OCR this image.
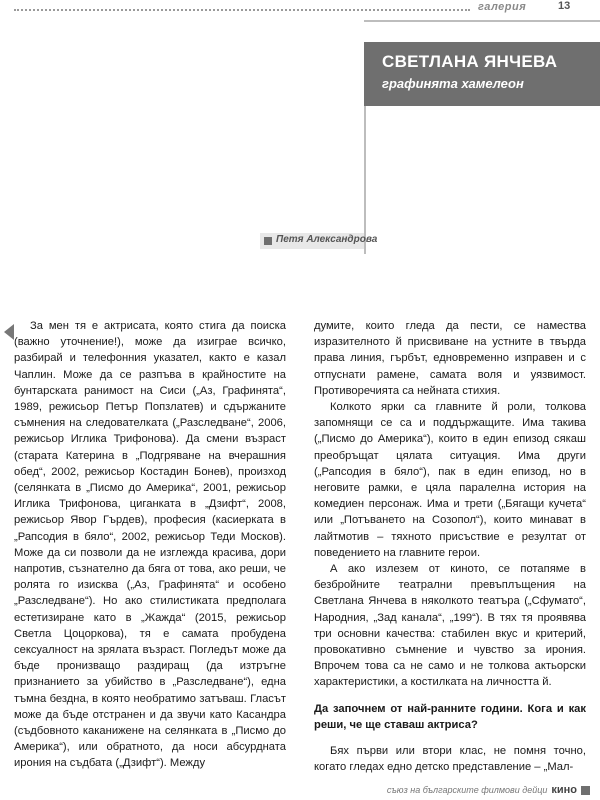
галерия	13
СВЕТЛАНА ЯНЧЕВА
графинята хамелеон
Петя Александрова

За мен тя е актрисата, която стига да поиска (важно уточнение!), може да изиграе всичко, разбирай и телефонния указател, както е казал Чаплин. Може да се разпъва в крайностите на бунтарската ранимост на Сиси („Аз, Графинята“, 1989, режисьор Петър Попзлатев) и сдържаните съмнения на следователката („Разследване“, 2006, режисьор Иглика Трифонова). Да смени възраст (старата Катерина в „Подгряване на вчерашния обед“, 2002, режисьор Костадин Бонев), произход (селянката в „Писмо до Америка“, 2001, режисьор Иглика Трифонова, циганката в „Дзифт“, 2008, режисьор Явор Гърдев), професия (касиерката в „Рапсодия в бяло“, 2002, режисьор Теди Москов). Може да си позволи да не изглежда красива, дори напротив, съзнателно да бяга от това, ако реши, че ролята го изисква („Аз, Графинята“ и особено „Разследване“). Но ако стилистиката предполага естетизиране като в „Жажда“ (2015, режисьор Светла Цоцоркова), тя е самата пробудена сексуалност на зрялата възраст. Погледът може да бъде пронизващо раздиращ (да изтръгне признанието за убийство в „Разследване“), една тъмна бездна, в която необратимо затъваш. Гласът може да бъде отстранен и да звучи като Касандра (съдбовното каканижене на селянката в „Писмо до Америка“), или обратното, да носи абсурдната ирония на съдбата („Дзифт“). Между

думите, които гледа да пести, се намества изразителното й присвиване на устните в твърда права линия, гърбът, едновременно изправен и с отпуснати рамене, самата воля и уязвимост. Противоречията са нейната стихия.

Колкото ярки са главните й роли, толкова запомнящи се са и поддържащите. Има такива („Писмо до Америка“), които в един епизод сякаш преобръщат цялата ситуация. Има други („Рапсодия в бяло“), пак в един епизод, но в неговите рамки, е цяла паралелна история на комедиен персонаж. Има и трети („Бягащи кучета“ или „Потъването на Созопол“), които минават в лайтмотив – тяхното присъствие е резултат от поведението на главните герои.

А ако излезем от киното, се потапяме в безбройните театрални превъплъщения на Светлана Янчева в няколкото театъра („Сфумато“, Народния, „Зад канала“, „199“). В тях тя проявява три основни качества: стабилен вкус и критерий, провокативно съмнение и чувство за ирония. Впрочем това са не само и не толкова актьорски характеристики, а костилката на личността й.

Да започнем от най-ранните години. Кога и как реши, че ще ставаш актриса?

Бях първи или втори клас, не помня точно, когато гледах едно детско представление – „Мал-

съюз на българските филмови дейци кино
